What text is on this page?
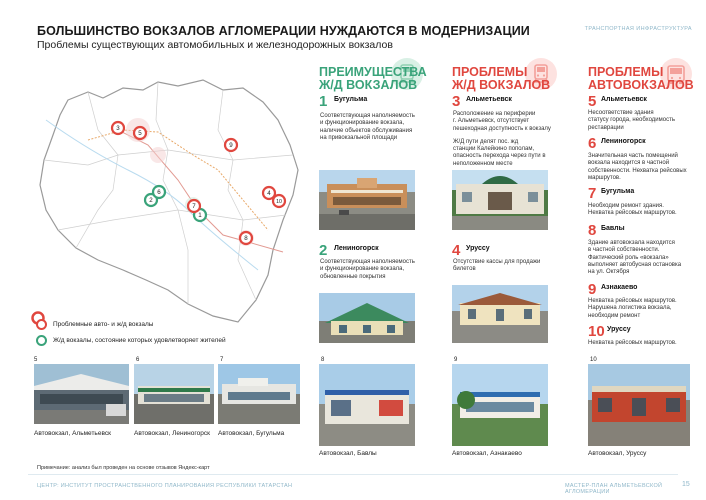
БОЛЬШИНСТВО ВОКЗАЛОВ АГЛОМЕРАЦИИ НУЖДАЮТСЯ В МОДЕРНИЗАЦИИ
Проблемы существующих автомобильных и железнодорожных вокзалов
ТРАНСПОРТНАЯ ИНФРАСТРУКТУРА
1
2
3
4
5
6
7
8
9
10
Проблемные авто- и ж/д вокзалы
Ж/д вокзалы, состояние которых удовлетворяет жителей
ПРЕИМУЩЕСТВА
Ж/Д ВОКЗАЛОВ
1 Бугульма
Соответствующая наполняемость
и функционирование вокзала,
наличие объектов обслуживания
на привокзальной площади
2 Лениногорск
Соответствующая наполняемость
и функционирование вокзала,
обновленные покрытия
ПРОБЛЕМЫ
Ж/Д ВОКЗАЛОВ
3 Альметьевск
Расположение на периферии
г. Альметьевск, отсутствует
пешеходная доступность к вокзалу
Ж/Д пути делят пос. жд
станции Калейкино пополам,
опасность перехода через пути в
неположенном месте
4 Уруссу
Отсутствие кассы для продажи
билетов
ПРОБЛЕМЫ
АВТОВОКЗАЛОВ
5 Альметьевск
Несоответствие здания
статусу города, необходимость
реставрации
6 Лениногорск
Значительная часть помещений
вокзала находится в частной
собственности. Нехватка рейсовых
маршрутов.
7 Бугульма
Необходим ремонт здания.
Нехватка рейсовых маршрутов.
8 Бавлы
Здание автовокзала находится
в частной собственности.
Фактический роль «вокзала»
выполняет автобусная остановка
на ул. Октября
9 Азнакаево
Нехватка рейсовых маршрутов.
Нарушена логистика вокзала,
необходим ремонт
10 Уруссу
Нехватка рейсовых маршрутов.
5
Автовокзал, Альметьевск
6
Автовокзал, Лениногорск
7
Автовокзал, Бугульма
8
Автовокзал, Бавлы
9
Автовокзал, Азнакаево
10
Автовокзал, Уруссу
Примечание: анализ был проведен на основе отзывов Яндекс-карт
ЦЕНТР: ИНСТИТУТ ПРОСТРАНСТВЕННОГО ПЛАНИРОВАНИЯ РЕСПУБЛИКИ ТАТАРСТАН	МАСТЕР-ПЛАН АЛЬМЕТЬЕВСКОЙ АГЛОМЕРАЦИИ
15
